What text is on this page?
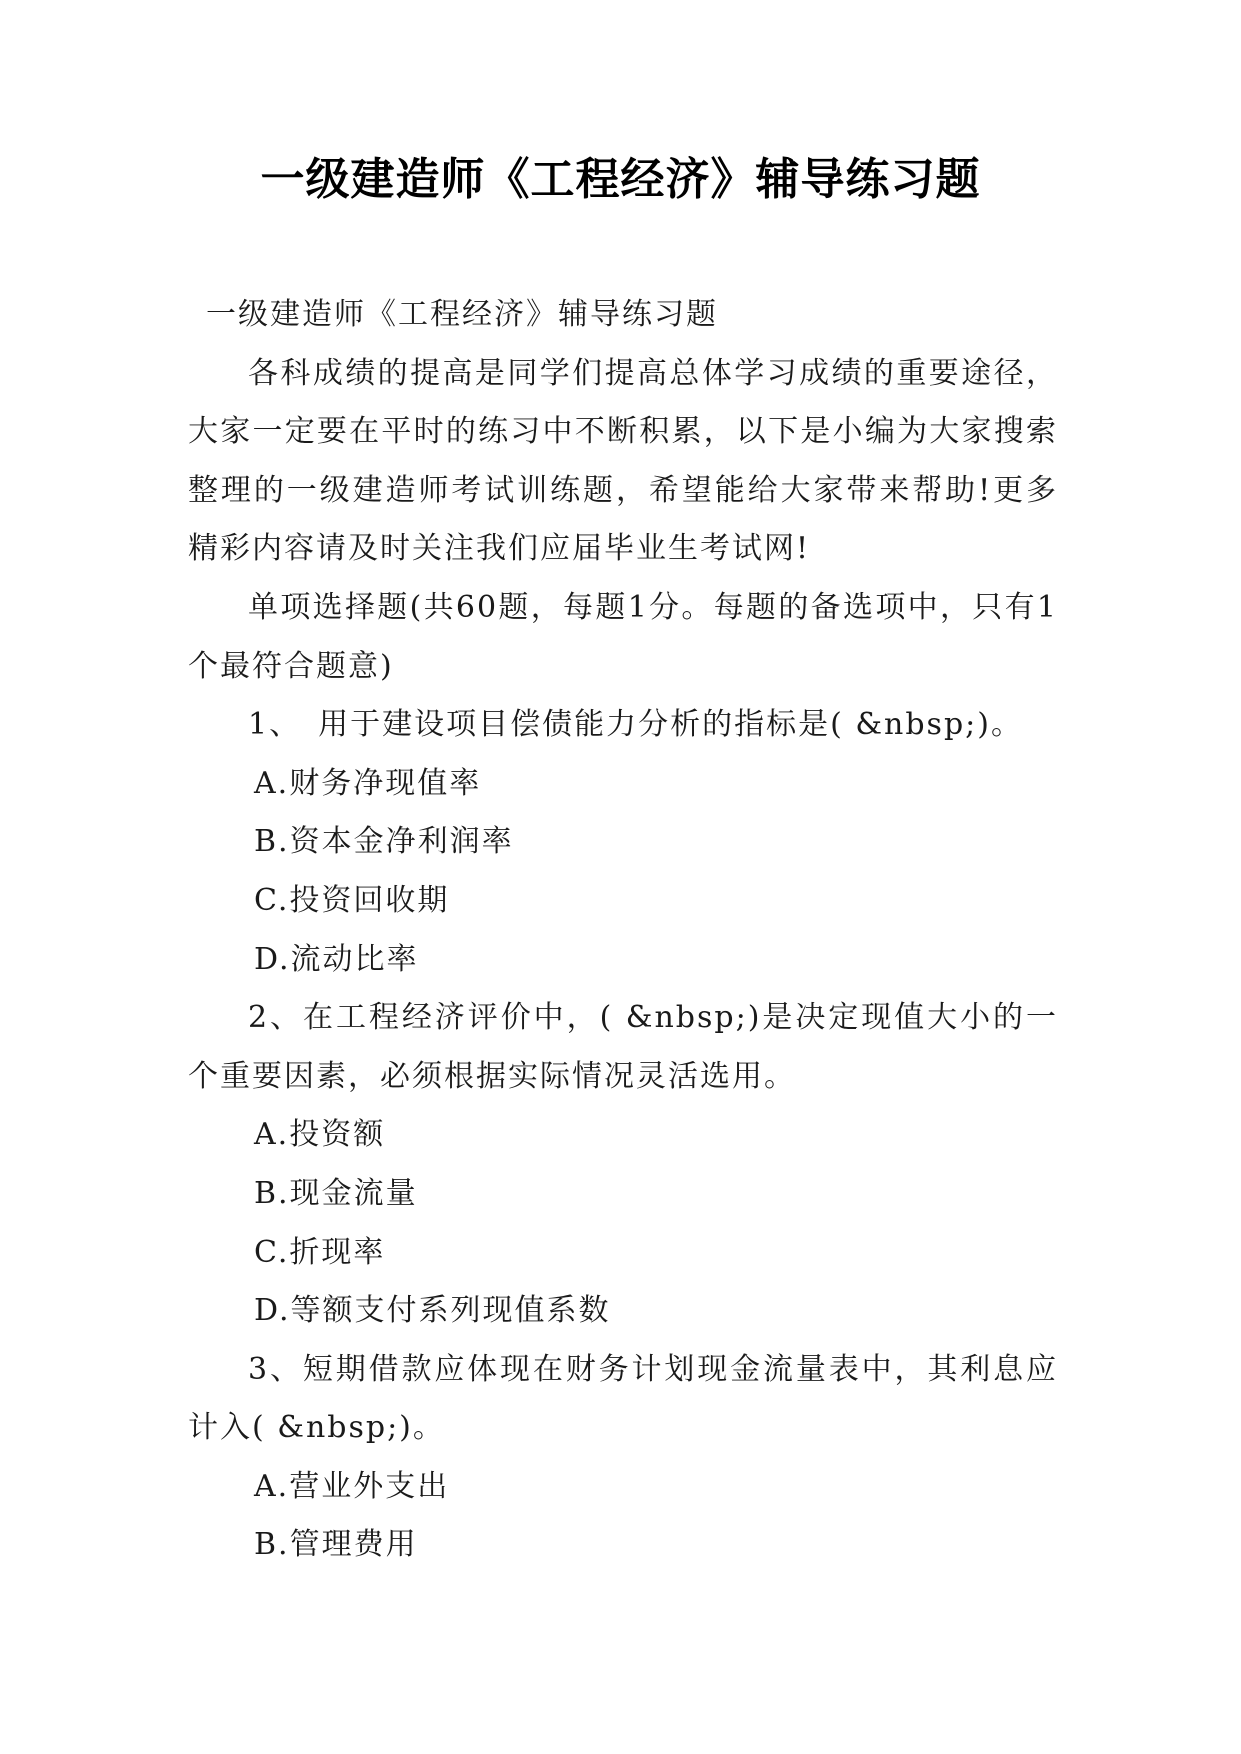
一级建造师《工程经济》辅导练习题

一级建造师《工程经济》辅导练习题

各科成绩的提高是同学们提高总体学习成绩的重要途径，大家一定要在平时的练习中不断积累，以下是小编为大家搜索整理的一级建造师考试训练题，希望能给大家带来帮助!更多精彩内容请及时关注我们应届毕业生考试网!

单项选择题(共60题，每题1分。每题的备选项中，只有1个最符合题意)

1、　用于建设项目偿债能力分析的指标是( &nbsp;)。

A.财务净现值率

B.资本金净利润率

C.投资回收期

D.流动比率

2、在工程经济评价中，( &nbsp;)是决定现值大小的一个重要因素，必须根据实际情况灵活选用。

A.投资额

B.现金流量

C.折现率

D.等额支付系列现值系数

3、短期借款应体现在财务计划现金流量表中，其利息应计入( &nbsp;)。

A.营业外支出

B.管理费用
